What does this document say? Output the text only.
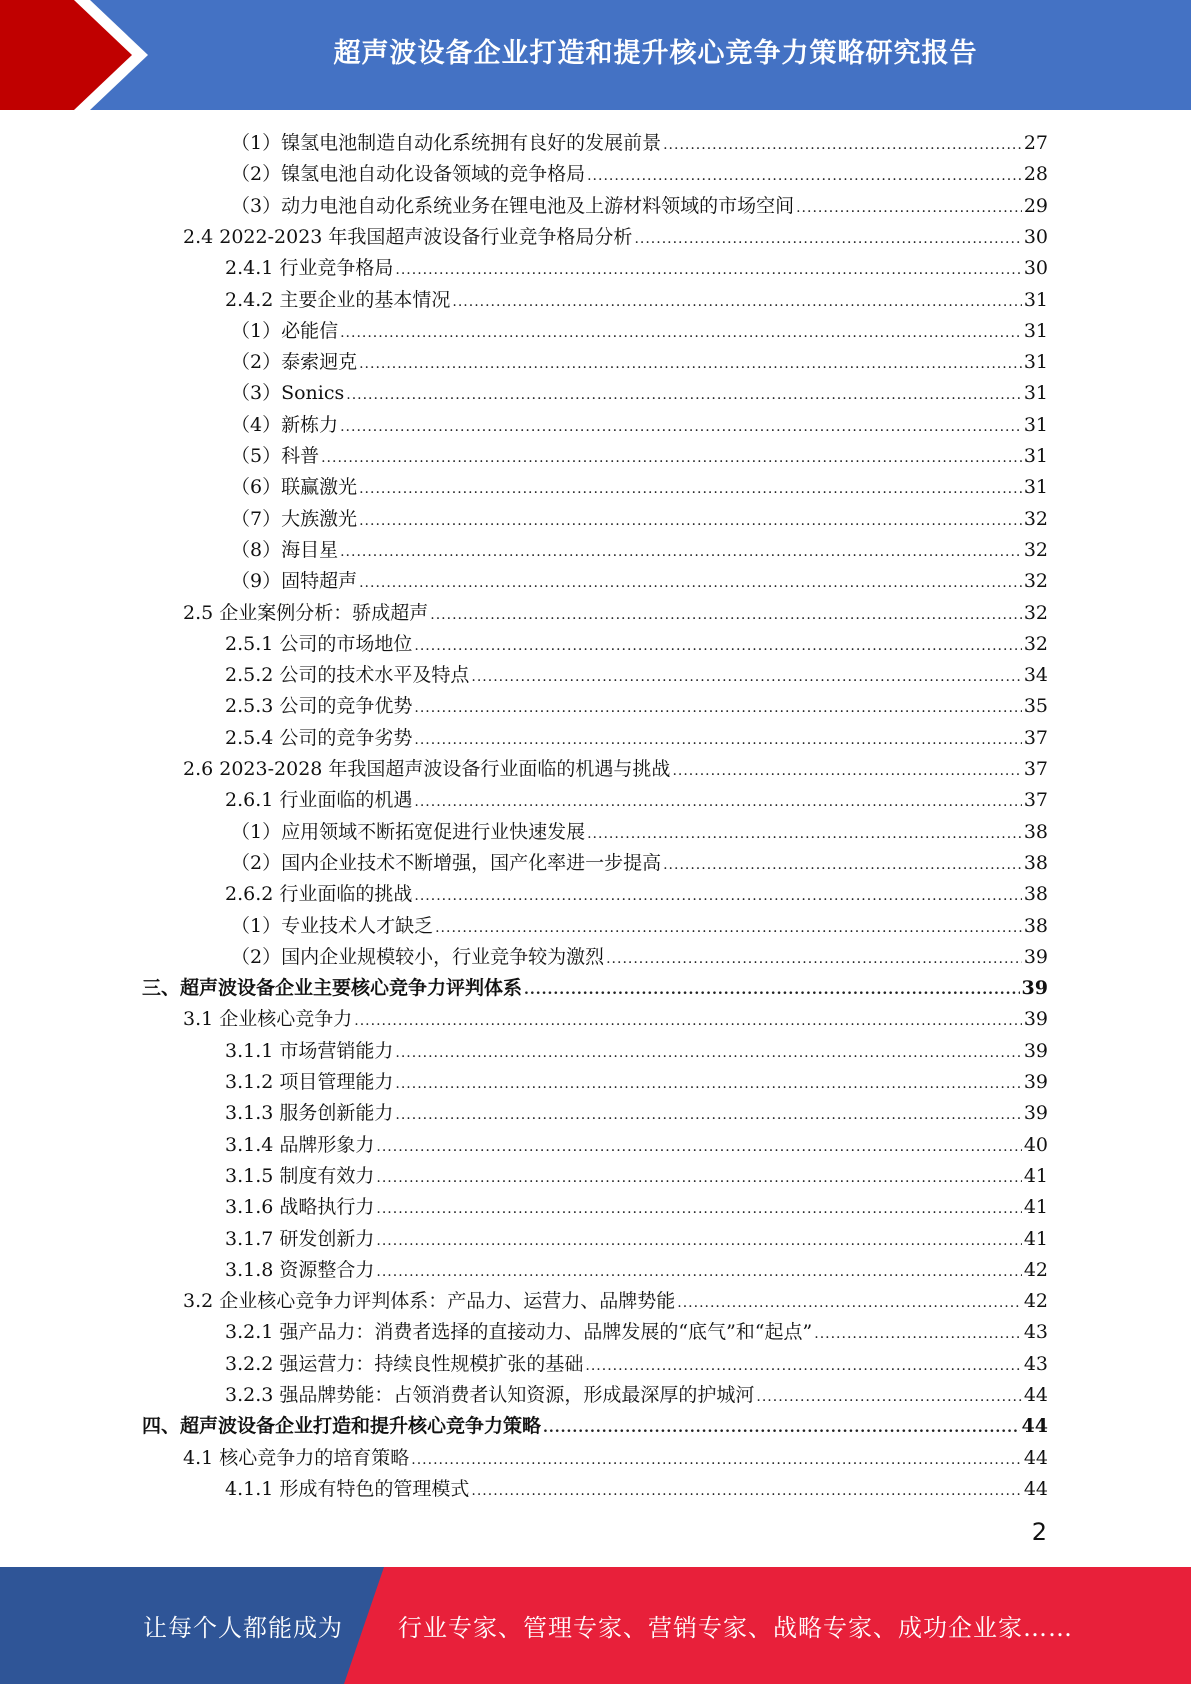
超声波设备企业打造和提升核心竞争力策略研究报告
（1）镍氢电池制造自动化系统拥有良好的发展前景 .....	27
（2）镍氢电池自动化设备领域的竞争格局 .....	28
（3）动力电池自动化系统业务在锂电池及上游材料领域的市场空间 .....	29
2.4 2022-2023 年我国超声波设备行业竞争格局分析 .....	30
2.4.1 行业竞争格局 .....	30
2.4.2 主要企业的基本情况 .....	31
（1）必能信 .....	31
（2）泰索迥克 .....	31
（3）Sonics .....	31
（4）新栋力 .....	31
（5）科普 .....	31
（6）联赢激光 .....	31
（7）大族激光 .....	32
（8）海目星 .....	32
（9）固特超声 .....	32
2.5 企业案例分析：骄成超声 .....	32
2.5.1 公司的市场地位 .....	32
2.5.2 公司的技术水平及特点 .....	34
2.5.3 公司的竞争优势 .....	35
2.5.4 公司的竞争劣势 .....	37
2.6 2023-2028 年我国超声波设备行业面临的机遇与挑战 .....	37
2.6.1 行业面临的机遇 .....	37
（1）应用领域不断拓宽促进行业快速发展 .....	38
（2）国内企业技术不断增强，国产化率进一步提高 .....	38
2.6.2 行业面临的挑战 .....	38
（1）专业技术人才缺乏 .....	38
（2）国内企业规模较小，行业竞争较为激烈 .....	39
三、超声波设备企业主要核心竞争力评判体系 .....	39
3.1 企业核心竞争力 .....	39
3.1.1 市场营销能力 .....	39
3.1.2 项目管理能力 .....	39
3.1.3 服务创新能力 .....	39
3.1.4 品牌形象力 .....	40
3.1.5 制度有效力 .....	41
3.1.6 战略执行力 .....	41
3.1.7 研发创新力 .....	41
3.1.8 资源整合力 .....	42
3.2 企业核心竞争力评判体系：产品力、运营力、品牌势能 .....	42
3.2.1 强产品力：消费者选择的直接动力、品牌发展的“底气”和“起点” .....	43
3.2.2 强运营力：持续良性规模扩张的基础 .....	43
3.2.3 强品牌势能：占领消费者认知资源，形成最深厚的护城河 .....	44
四、超声波设备企业打造和提升核心竞争力策略 .....	44
4.1 核心竞争力的培育策略 .....	44
4.1.1 形成有特色的管理模式 .....	44
2
让每个人都能成为 行业专家、管理专家、营销专家、战略专家、成功企业家……
